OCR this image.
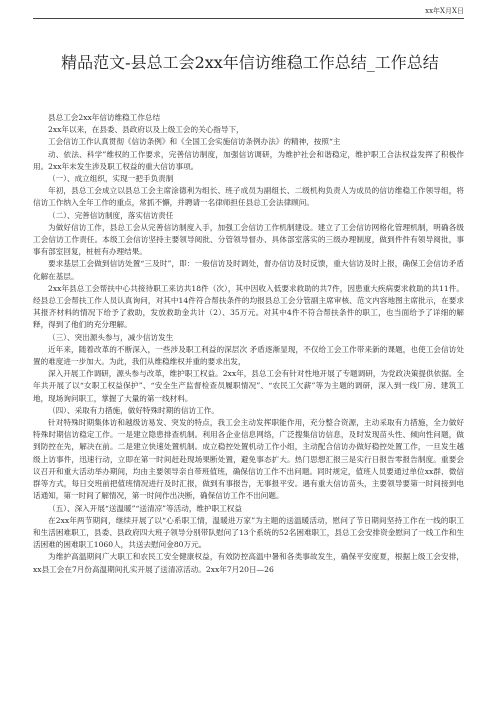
xx年X月X日
精品范文-县总工会2xx年信访维稳工作总结_工作总结

县总工会2xx年信访维稳工作总结

2xx年以来，在县委、县政府以及上级工会的关心指导下，

工会信访工作认真贯彻《信访条例》和《全国工会实施信访条例办法》的精神，按照“主

动、依法、科学”维权的工作要求，完善信访制度，加强信访调研，为维护社会和谐稳定，维护职工合法权益发挥了积极作用。2xx年未发生涉及职工权益的重大信访事项。

（一）、成立组织，实现一把手负责制

年初，县总工会成立以县总工会主席涂德利为组长、班子成员为副组长、二级机构负责人为成员的信访维稳工作领导组，将信访工作纳入全年工作的重点，常抓不懈，并聘请一名律师担任县总工会法律顾问。

（二）、完善信访制度，落实信访责任

为做好信访工作，县总工会从完善信访制度入手，加强工会信访工作机制建设。建立了工会信访网格化管理机制，明确各级工会信访工作责任。本级工会信访坚持主要领导阅批、分管领导督办、具体部室落实的三级办理制度，做到件件有领导阅批，事事有部室回复，桩桩有办理结果。

要求基层工会做到信访处置“三及时”，即：一般信访及时调处，督办信访及时反馈，重大信访及时上报，确保工会信访矛盾化解在基层。

2xx年县总工会帮扶中心共接待职工来访共18件（次），其中因收入低要求救助的共7件，因患重大疾病要求救助的共11件。经县总工会帮扶工作人员认真询问，对其中14件符合帮扶条件的均报县总工会分管副主席审核、范文内容地图主席批示，在要求其报齐材料的情况下给予了救助，发放救助金共计（2）、35万元。对其中4件不符合帮扶条件的职工，也当面给予了详细的解释，得到了他们的充分理解。

（三）、突出源头参与，减少信访发生

近年来，随着改革的不断深入，一些涉及职工利益的深层次 矛盾逐渐显现，不仅给工会工作带来新的课题，也使工会信访处 置的难度进一步加大。为此，我们从维稳维权并重的要求出发，

深入开展工作调研，源头参与改革，维护职工权益。2xx年，县总工会有针对性地开展了专题调研，为党政决策提供依据。全年共开展了以“女职工权益保护”、“安全生产监督检查员履职情况”、“农民工欠薪”等为主题的调研，深入到一线厂房、建筑工地，现场询问职工，掌握了大量的第一线材料。

（四）、采取有力措施，做好特殊时期的信访工作。

针对特殊时期集体访和越级访易发、突发的特点，我工会主动发挥职能作用，充分整合资源，主动采取有力措施，全力做好特殊时期信访稳定工作。一是建立隐患排查机制。利用各企业信息网络，广泛搜集信访信息，及时发现苗头性、倾向性问题，做到防控在先，解决在前。二是建立快速处置机制。成立稳控处置机动工作小组，主动配合信访办做好稳控处置工作，一旦发生越级上访事件，迅速行动，立即在第一时间赶赴现场果断处置，避免事态扩大。热门思想汇报三是实行日报告零报告制度。重要会议召开和重大活动举办期间，均由主要领导亲自带班值班，确保信访工作不出问题。同时规定，值班人员要通过单位xx群、微信群等方式，每日交班前把值班情况进行及时汇报，做到有事报告，无事报平安。遇有重大信访苗头，主要领导要第一时间接到电话通知，第一时间了解情况，第一时间作出决断，确保信访工作不出问题。

（五）、深入开展“送温暖”“送清凉”等活动，维护职工权益

在2xx年两节期间，继续开展了以“心系职工情，温暖进万家”为主题的送温暖活动，慰问了节日期间坚持工作在一线的职工和生活困难职工，县委、县政府四大班子领导分别带队慰问了13个系统的52名困难职工，县总工会安排资金慰问了一线工作和生活困难的困难职工1060人，共送去慰问金80万元。

为维护高温期间广大职工和农民工安全健康权益，有效防控高温中暑和各类事故发生，确保平安度夏，根据上级工会安排，xx县工会在7月份高温期间扎实开展了送清凉活动。2xx年7月20日—26
